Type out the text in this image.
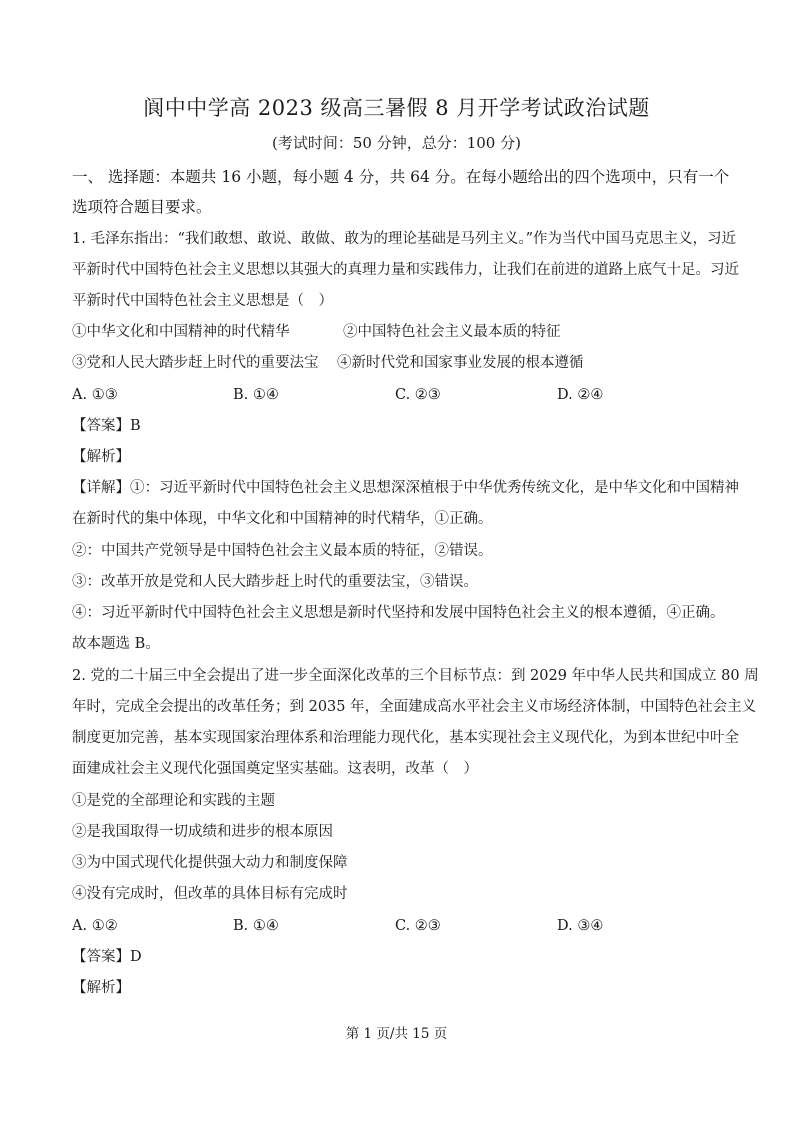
阆中中学高 2023 级高三暑假 8 月开学考试政治试题
(考试时间：50 分钟，总分：100 分)
一、 选择题：本题共 16 小题，每小题 4 分，共 64 分。在每小题给出的四个选项中，只有一个
选项符合题目要求。
1. 毛泽东指出：“我们敢想、敢说、敢做、敢为的理论基础是马列主义。”作为当代中国马克思主义，习近
平新时代中国特色社会主义思想以其强大的真理力量和实践伟力，让我们在前进的道路上底气十足。习近
平新时代中国特色社会主义思想是（　）
①中华文化和中国精神的时代精华	②中国特色社会主义最本质的特征
③党和人民大踏步赶上时代的重要法宝 ④新时代党和国家事业发展的根本遵循
A. ①③	B. ①④	C. ②③	D. ②④
【答案】B
【解析】
【详解】①：习近平新时代中国特色社会主义思想深深植根于中华优秀传统文化，是中华文化和中国精神
在新时代的集中体现，中华文化和中国精神的时代精华，①正确。
②：中国共产党领导是中国特色社会主义最本质的特征，②错误。
③：改革开放是党和人民大踏步赶上时代的重要法宝，③错误。
④：习近平新时代中国特色社会主义思想是新时代坚持和发展中国特色社会主义的根本遵循，④正确。
故本题选 B。
2. 党的二十届三中全会提出了进一步全面深化改革的三个目标节点：到 2029 年中华人民共和国成立 80 周
年时，完成全会提出的改革任务；到 2035 年，全面建成高水平社会主义市场经济体制，中国特色社会主义
制度更加完善，基本实现国家治理体系和治理能力现代化，基本实现社会主义现代化，为到本世纪中叶全
面建成社会主义现代化强国奠定坚实基础。这表明，改革（　）
①是党的全部理论和实践的主题
②是我国取得一切成绩和进步的根本原因
③为中国式现代化提供强大动力和制度保障
④没有完成时，但改革的具体目标有完成时
A. ①②	B. ①④	C. ②③	D. ③④
【答案】D
【解析】
第 1 页/共 15 页
